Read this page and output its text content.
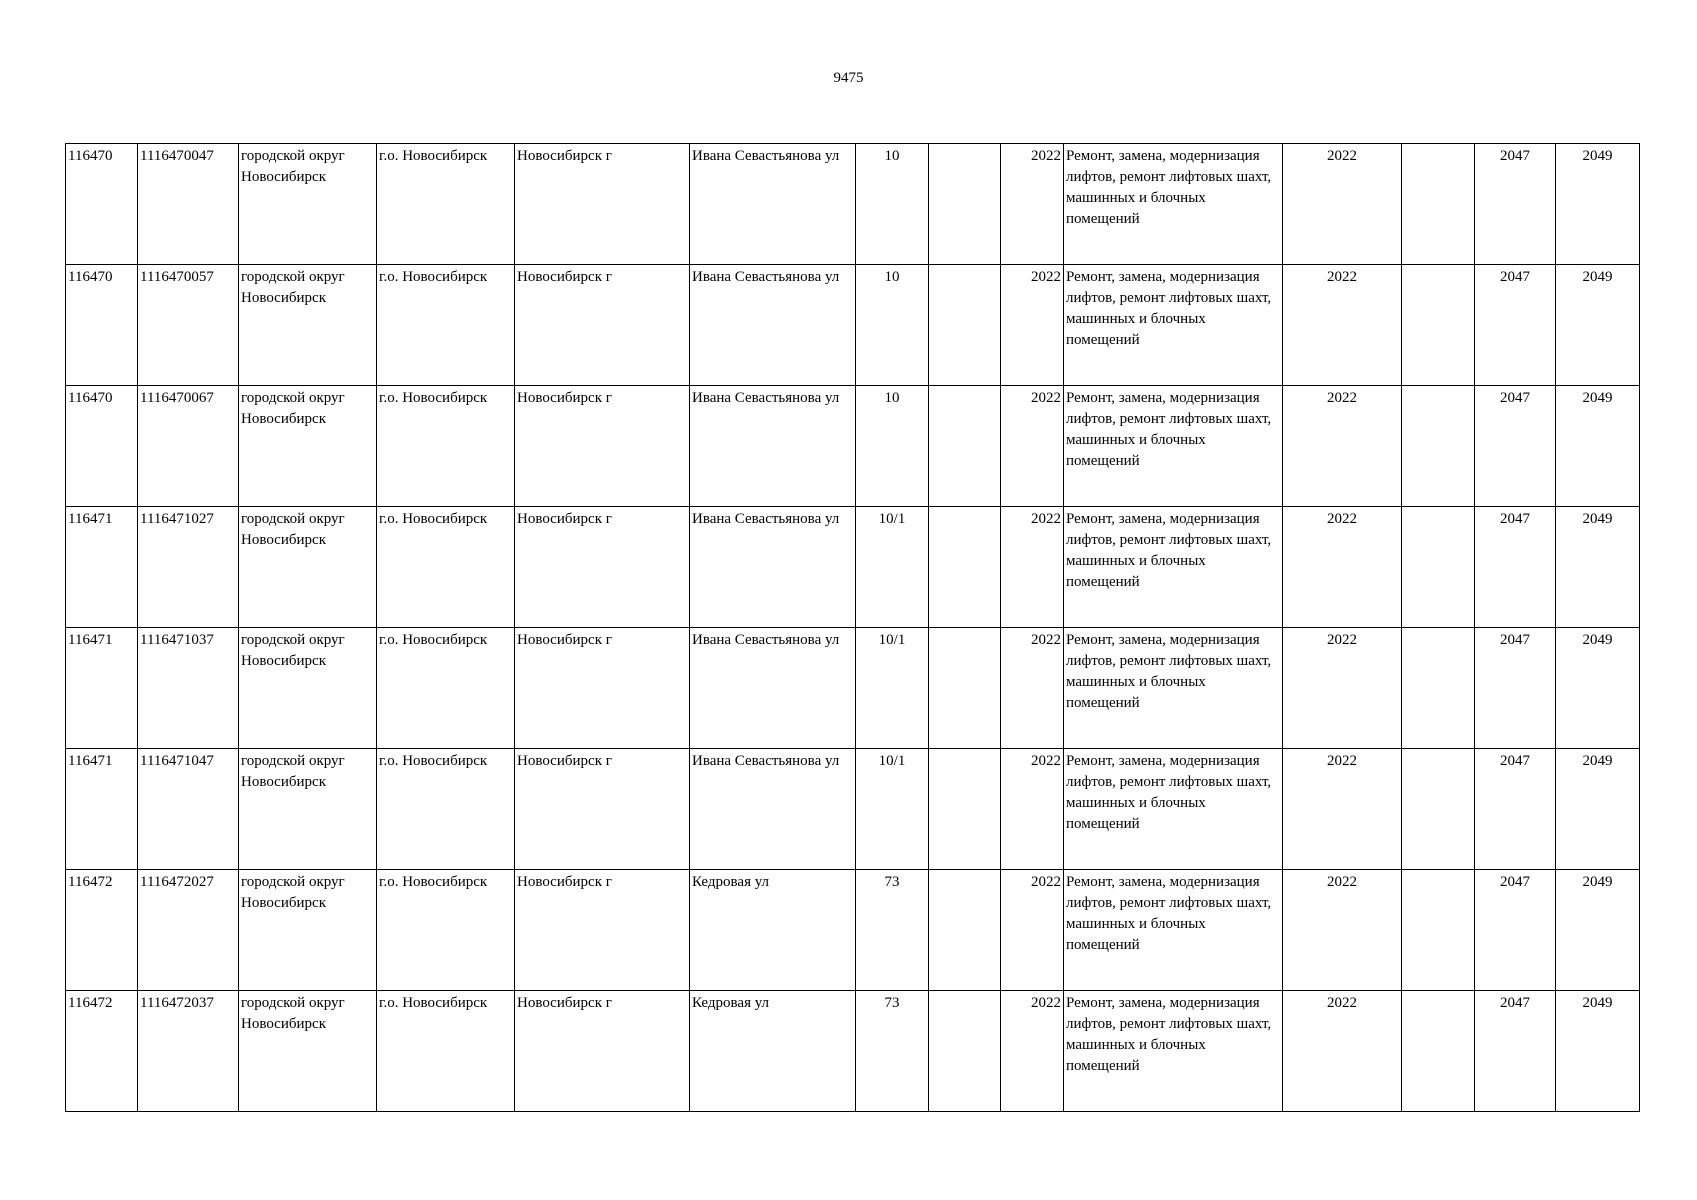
9475
116470	1116470047	городской округ Новосибирск	г.о. Новосибирск	Новосибирск г	Ивана Севастьянова ул	10		2022	Ремонт, замена, модернизация лифтов, ремонт лифтовых шахт, машинных и блочных помещений	2022		2047	2049
116470	1116470057	городской округ Новосибирск	г.о. Новосибирск	Новосибирск г	Ивана Севастьянова ул	10		2022	Ремонт, замена, модернизация лифтов, ремонт лифтовых шахт, машинных и блочных помещений	2022		2047	2049
116470	1116470067	городской округ Новосибирск	г.о. Новосибирск	Новосибирск г	Ивана Севастьянова ул	10		2022	Ремонт, замена, модернизация лифтов, ремонт лифтовых шахт, машинных и блочных помещений	2022		2047	2049
116471	1116471027	городской округ Новосибирск	г.о. Новосибирск	Новосибирск г	Ивана Севастьянова ул	10/1		2022	Ремонт, замена, модернизация лифтов, ремонт лифтовых шахт, машинных и блочных помещений	2022		2047	2049
116471	1116471037	городской округ Новосибирск	г.о. Новосибирск	Новосибирск г	Ивана Севастьянова ул	10/1		2022	Ремонт, замена, модернизация лифтов, ремонт лифтовых шахт, машинных и блочных помещений	2022		2047	2049
116471	1116471047	городской округ Новосибирск	г.о. Новосибирск	Новосибирск г	Ивана Севастьянова ул	10/1		2022	Ремонт, замена, модернизация лифтов, ремонт лифтовых шахт, машинных и блочных помещений	2022		2047	2049
116472	1116472027	городской округ Новосибирск	г.о. Новосибирск	Новосибирск г	Кедровая ул	73		2022	Ремонт, замена, модернизация лифтов, ремонт лифтовых шахт, машинных и блочных помещений	2022		2047	2049
116472	1116472037	городской округ Новосибирск	г.о. Новосибирск	Новосибирск г	Кедровая ул	73		2022	Ремонт, замена, модернизация лифтов, ремонт лифтовых шахт, машинных и блочных помещений	2022		2047	2049
